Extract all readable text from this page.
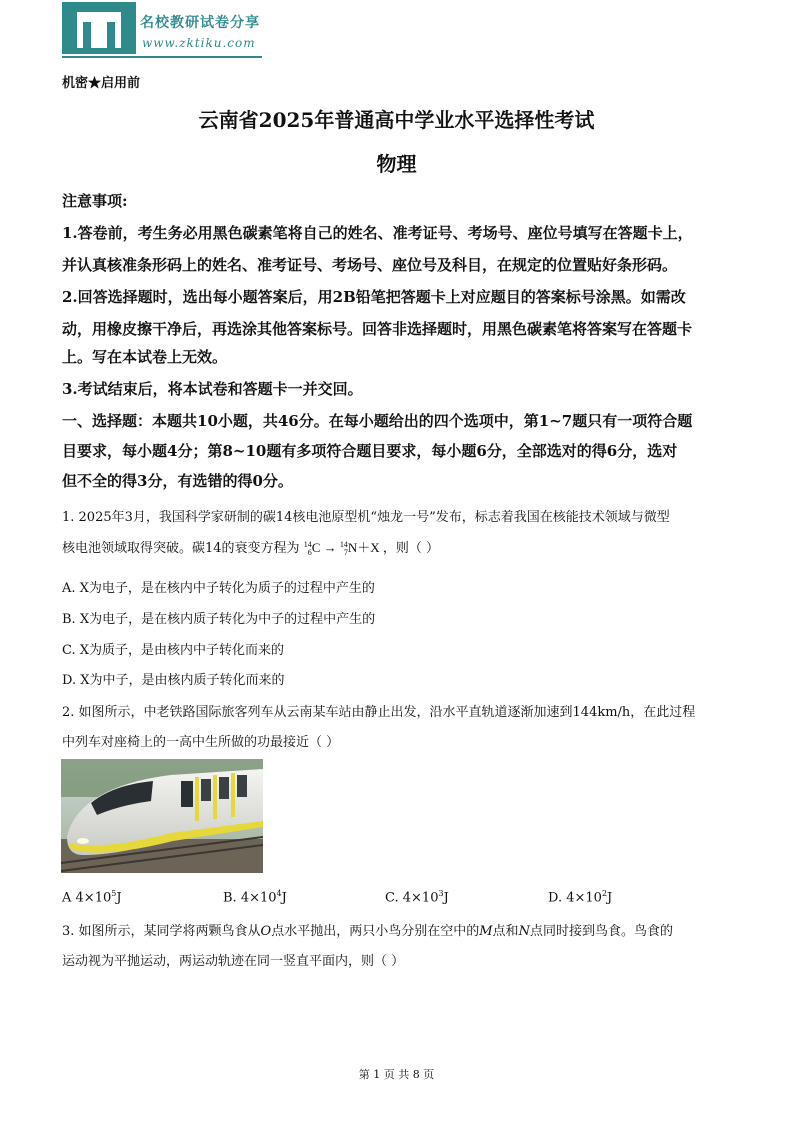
名校教研试卷分享
www.zktiku.com
机密★启用前
云南省2025年普通高中学业水平选择性考试
物理
注意事项:
1.答卷前，考生务必用黑色碳素笔将自己的姓名、准考证号、考场号、座位号填写在答题卡上，
并认真核准条形码上的姓名、准考证号、考场号、座位号及科目，在规定的位置贴好条形码。
2.回答选择题时，选出每小题答案后，用2B铅笔把答题卡上对应题目的答案标号涂黑。如需改
动，用橡皮擦干净后，再选涂其他答案标号。回答非选择题时，用黑色碳素笔将答案写在答题卡
上。写在本试卷上无效。
3.考试结束后，将本试卷和答题卡一并交回。
一、选择题：本题共10小题，共46分。在每小题给出的四个选项中，第1~7题只有一项符合题
目要求，每小题4分；第8~10题有多项符合题目要求，每小题6分，全部选对的得6分，选对
但不全的得3分，有选错的得0分。
1. 2025年3月，我国科学家研制的碳14核电池原型机“烛龙一号”发布，标志着我国在核能技术领域与微型
核电池领域取得突破。碳14的衰变方程为 14
6 C → 14
7 N＋X ，则（ ）
A. X为电子，是在核内中子转化为质子的过程中产生的
B. X为电子，是在核内质子转化为中子的过程中产生的
C. X为质子，是由核内中子转化而来的
D. X为中子，是由核内质子转化而来的
2. 如图所示，中老铁路国际旅客列车从云南某车站由静止出发，沿水平直轨道逐渐加速到144km/h，在此过程
中列车对座椅上的一高中生所做的功最接近（ ）
A $4\times 10^5J$	B. $4\times 10^4J$	C. $4\times 10^3J$	D. $4\times 10^2J$
3. 如图所示，某同学将两颗鸟食从O点水平抛出，两只小鸟分别在空中的M点和N点同时接到鸟食。鸟食的
运动视为平抛运动，两运动轨迹在同一竖直平面内，则（ ）
第 1 页 共 8 页
